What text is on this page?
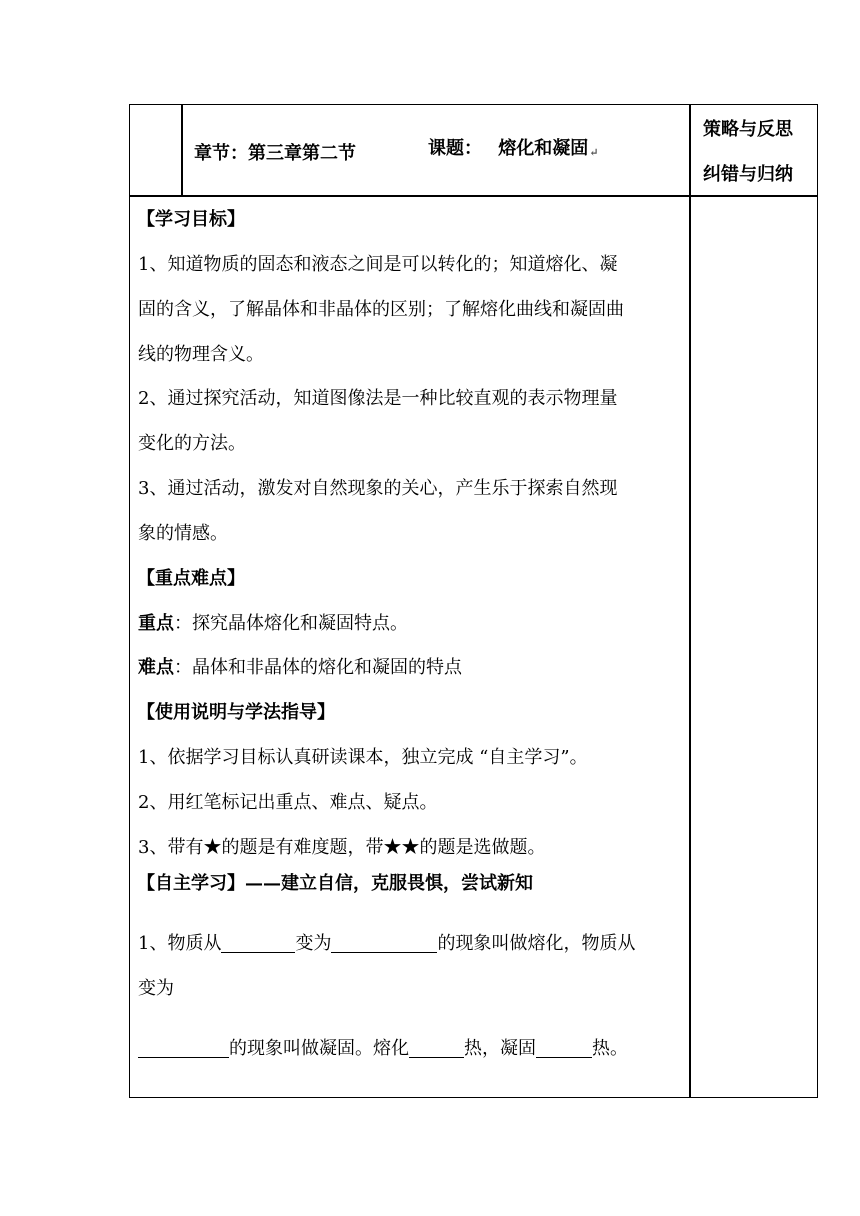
章节：第三章第二节	课题： 熔化和凝固↵
策略与反思
纠错与归纳
【学习目标】
1、知道物质的固态和液态之间是可以转化的；知道熔化、凝
固的含义，了解晶体和非晶体的区别；了解熔化曲线和凝固曲
线的物理含义。
2、通过探究活动，知道图像法是一种比较直观的表示物理量
变化的方法。
3、通过活动，激发对自然现象的关心，产生乐于探索自然现
象的情感。
【重点难点】
重点：探究晶体熔化和凝固特点。
难点：晶体和非晶体的熔化和凝固的特点
【使用说明与学法指导】
1、依据学习目标认真研读课本，独立完成 “自主学习”。
2、用红笔标记出重点、难点、疑点。
3、带有★的题是有难度题，带★★的题是选做题。
【自主学习】——建立自信，克服畏惧，尝试新知
1、物质从	变为	的现象叫做熔化，物质从
变为
的现象叫做凝固。熔化	热，凝固	热。
